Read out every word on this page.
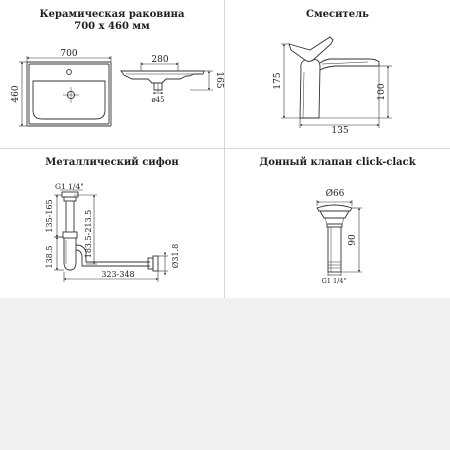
Керамическая раковина
700 х 460 мм
Смеситель
Металлический сифон	Донный клапан click-clack
700
460
280
165
ø45
175
100
135
G1 1/4"
135-165	183.5-213.5
138.5
323-348
Ø31.8
Ø66
90
G1 1/4"
